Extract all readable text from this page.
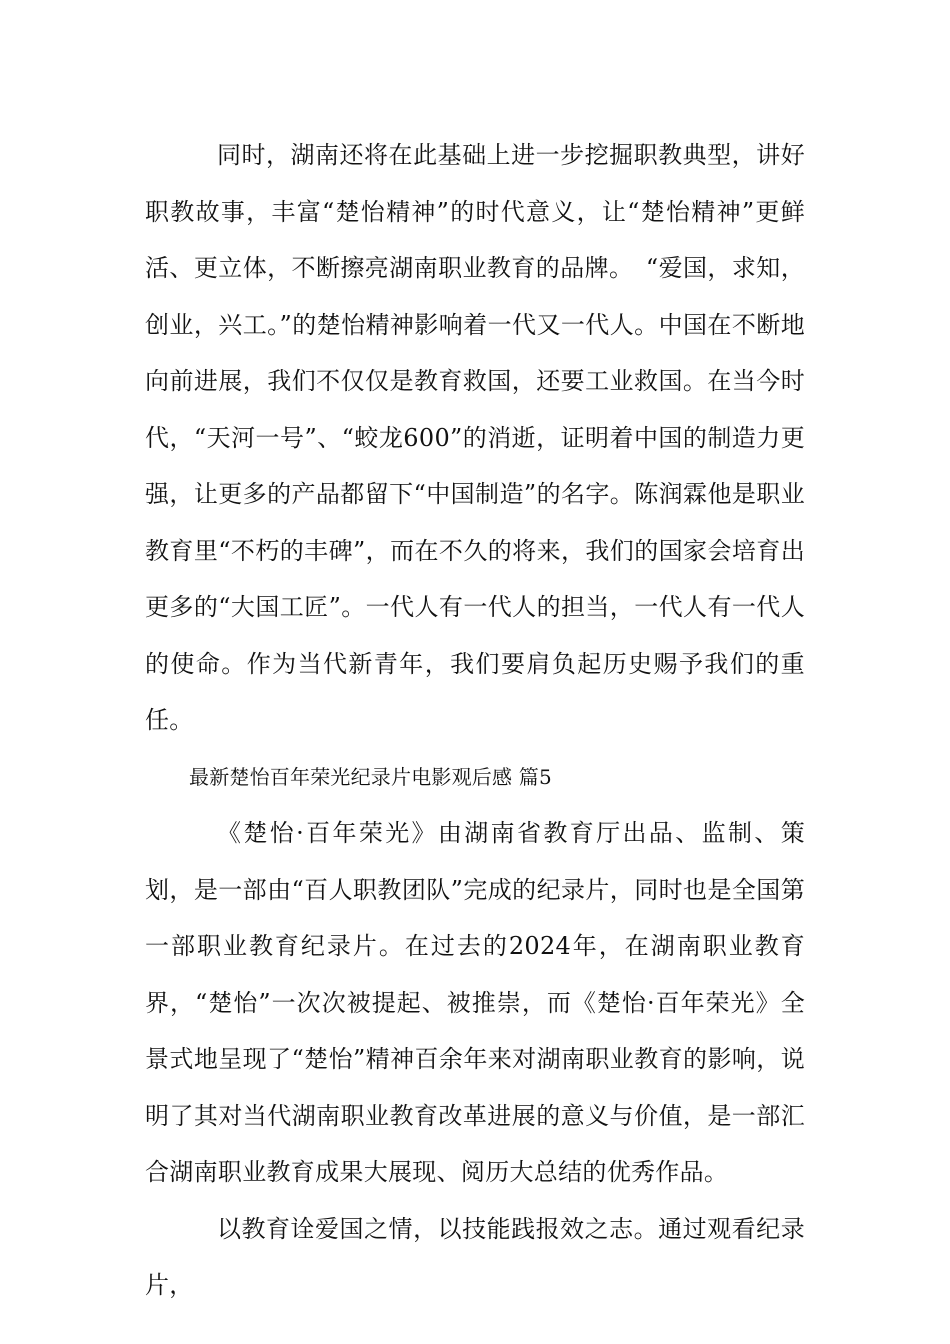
同时，湖南还将在此基础上进一步挖掘职教典型，讲好职教故事，丰富“楚怡精神”的时代意义，让“楚怡精神”更鲜活、更立体，不断擦亮湖南职业教育的品牌。　“爱国，求知，创业，兴工。”的楚怡精神影响着一代又一代人。中国在不断地向前进展，我们不仅仅是教育救国，还要工业救国。在当今时代，“天河一号”、“蛟龙600”的消逝，证明着中国的制造力更强，让更多的产品都留下“中国制造”的名字。陈润霖他是职业教育里“不朽的丰碑”，而在不久的将来，我们的国家会培育出更多的“大国工匠”。一代人有一代人的担当，一代人有一代人的使命。作为当代新青年，我们要肩负起历史赐予我们的重任。

最新楚怡百年荣光纪录片电影观后感 篇5

《楚怡·百年荣光》由湖南省教育厅出品、监制、策划，是一部由“百人职教团队”完成的纪录片，同时也是全国第一部职业教育纪录片。在过去的2024年，在湖南职业教育界，“楚怡”一次次被提起、被推崇，而《楚怡·百年荣光》全景式地呈现了“楚怡”精神百余年来对湖南职业教育的影响，说明了其对当代湖南职业教育改革进展的意义与价值，是一部汇合湖南职业教育成果大展现、阅历大总结的优秀作品。

以教育诠爱国之情，以技能践报效之志。通过观看纪录片，
